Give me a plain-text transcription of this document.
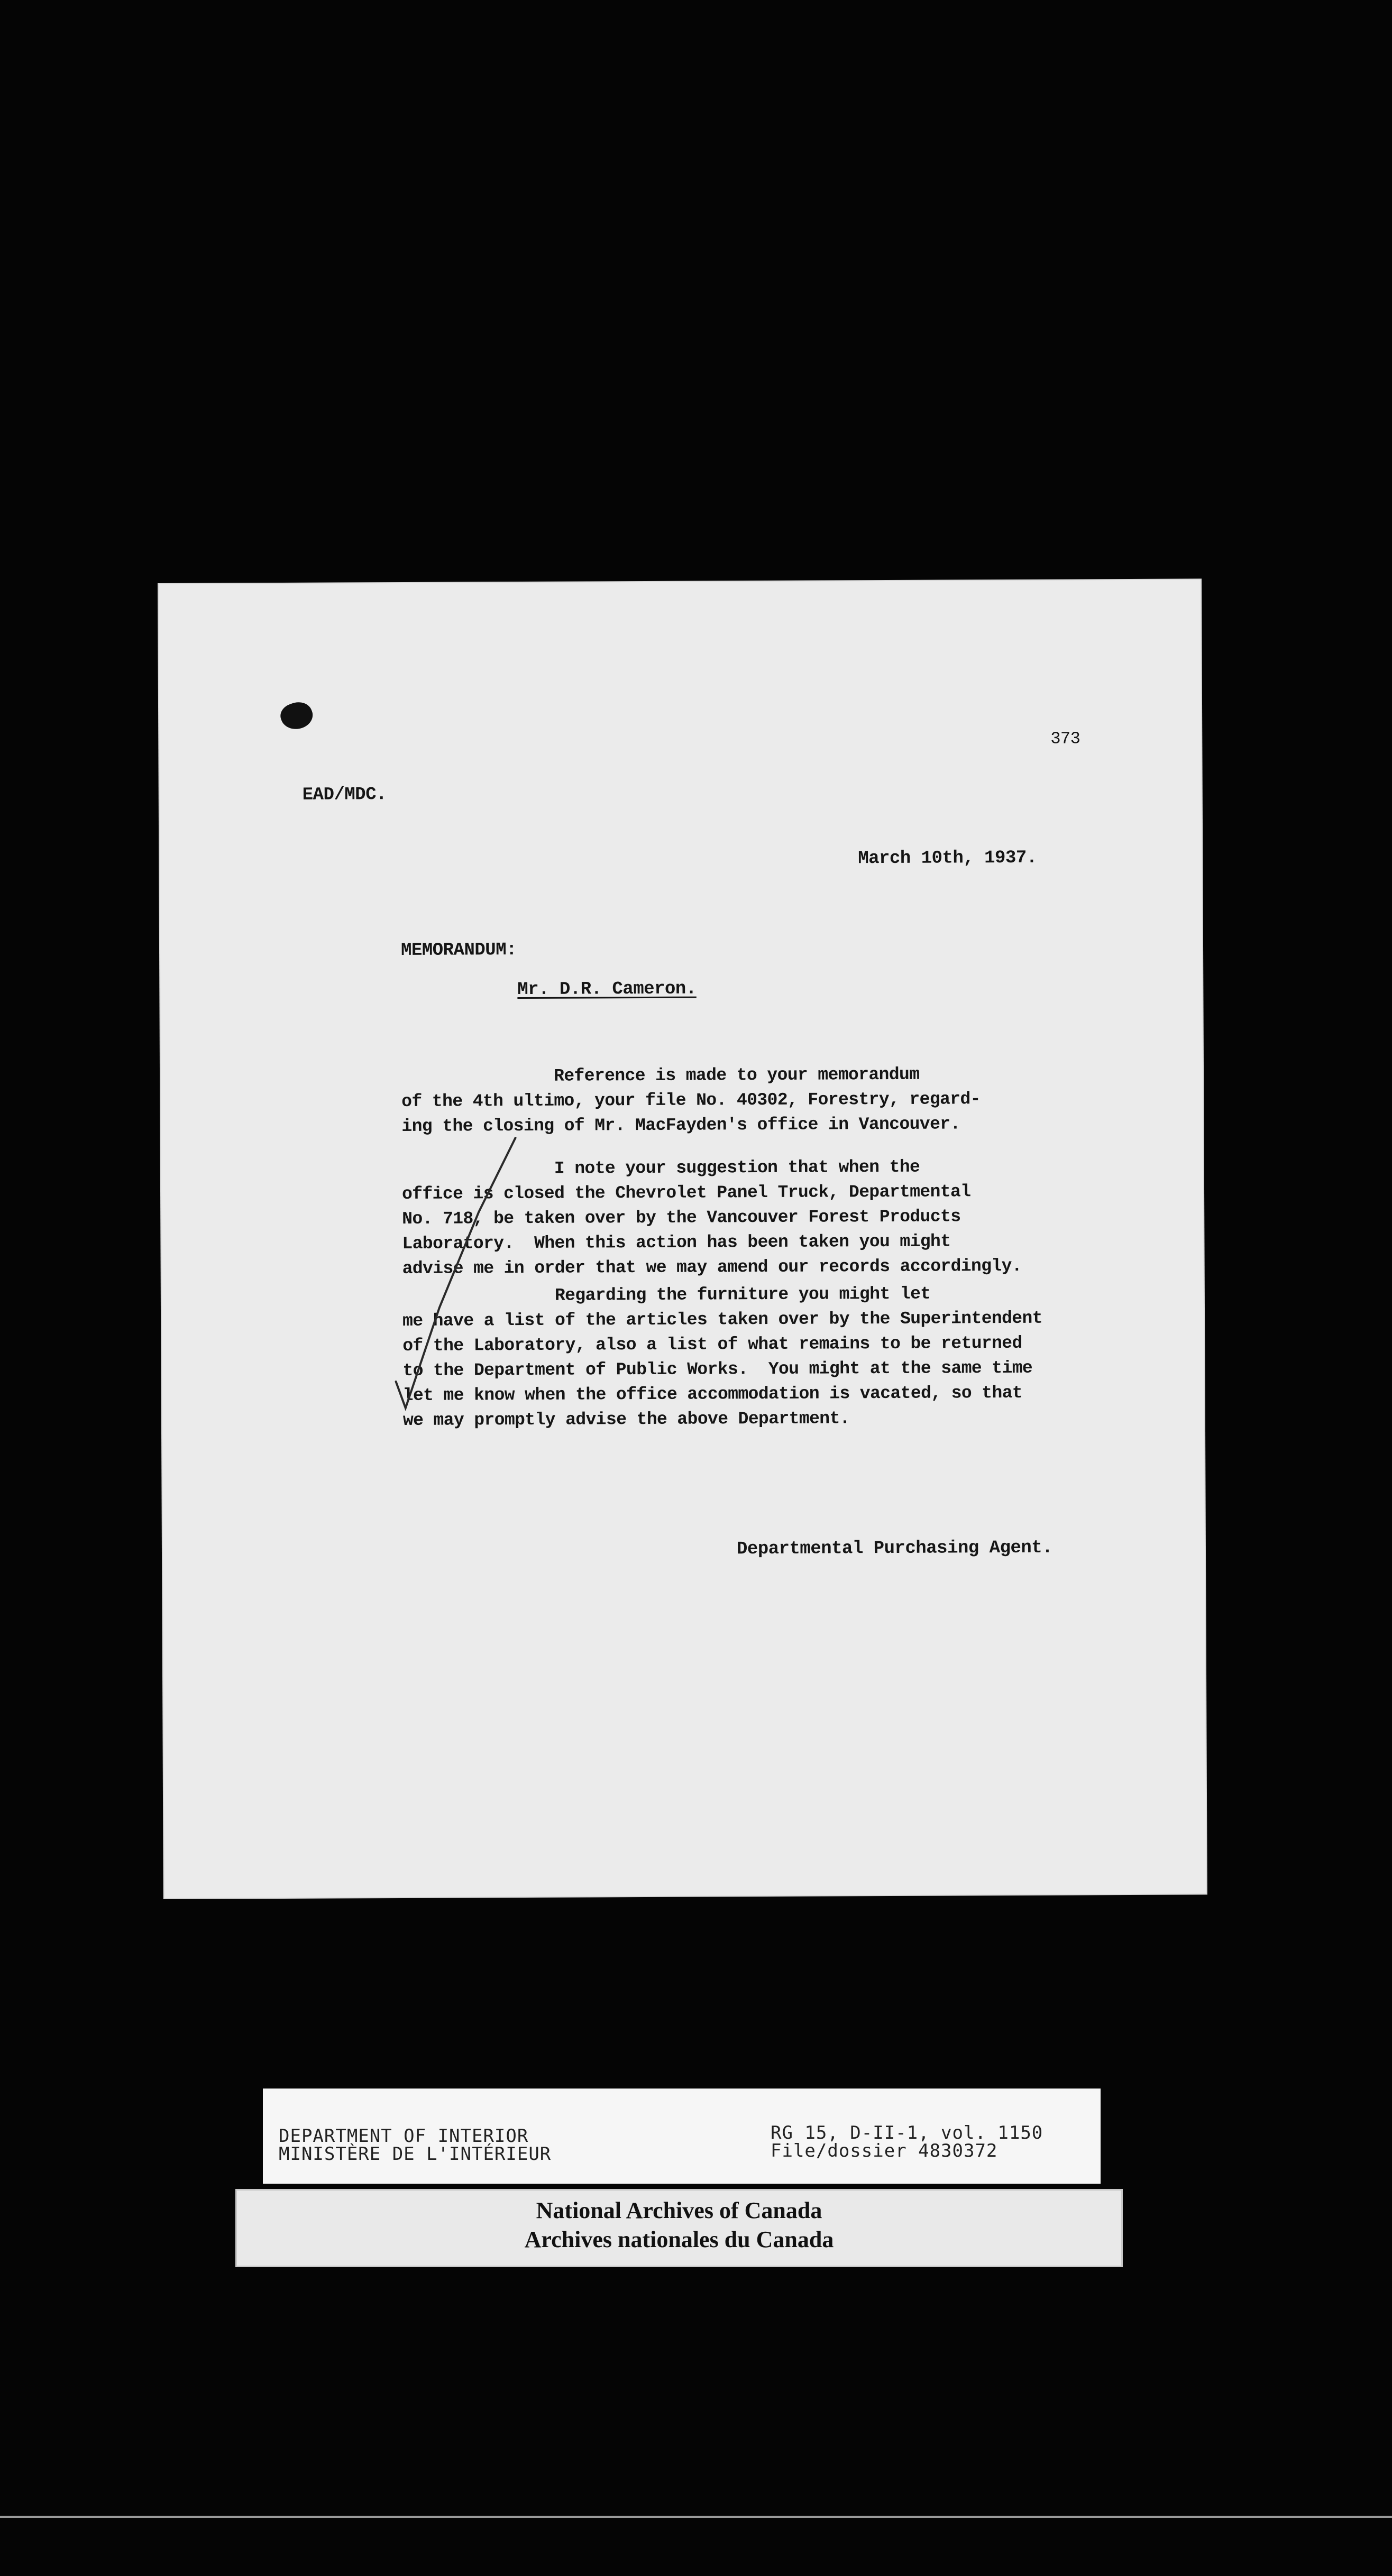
373
EAD/MDC.
March 10th, 1937.
MEMORANDUM:
Mr. D.R. Cameron.
Reference is made to your memorandum
of the 4th ultimo, your file No. 40302, Forestry, regard-
ing the closing of Mr. MacFayden's office in Vancouver.
I note your suggestion that when the
office is closed the Chevrolet Panel Truck, Departmental
No. 718, be taken over by the Vancouver Forest Products
Laboratory.  When this action has been taken you might
advise me in order that we may amend our records accordingly.
Regarding the furniture you might let
me have a list of the articles taken over by the Superintendent
of the Laboratory, also a list of what remains to be returned
to the Department of Public Works.  You might at the same time
let me know when the office accommodation is vacated, so that
we may promptly advise the above Department.
Departmental Purchasing Agent.
DEPARTMENT OF INTERIOR
MINISTÈRE DE L'INTÉRIEUR
RG 15, D-II-1, vol. 1150
File/dossier 4830372
National Archives of Canada
Archives nationales du Canada
